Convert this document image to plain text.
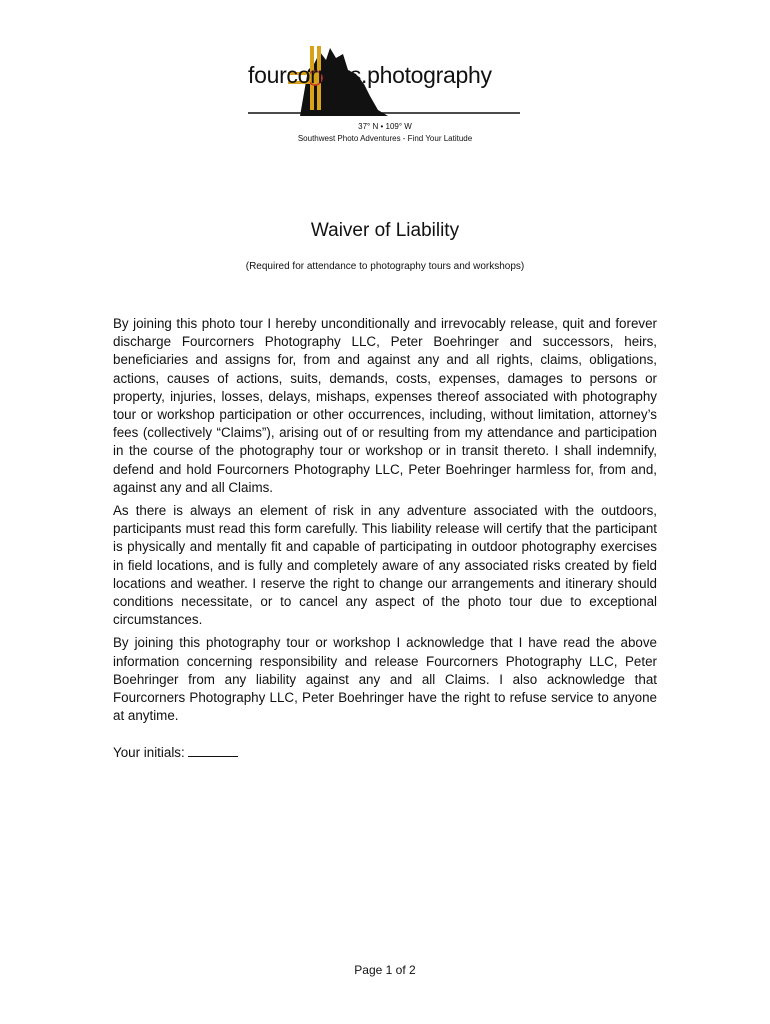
fourcorners.photography
37° N • 109° W
Southwest Photo Adventures - Find Your Latitude
Waiver of Liability
(Required for attendance to photography tours and workshops)

By joining this photo tour I hereby unconditionally and irrevocably release, quit and forever discharge Fourcorners Photography LLC, Peter Boehringer and successors, heirs, beneficiaries and assigns for, from and against any and all rights, claims, obligations, actions, causes of actions, suits, demands, costs, expenses, damages to persons or property, injuries, losses, delays, mishaps, expenses thereof associated with photography tour or workshop participation or other occurrences, including, without limitation, attorney’s fees (collectively “Claims”), arising out of or resulting from my attendance and participation in the course of the photography tour or workshop or in transit thereto. I shall indemnify, defend and hold Fourcorners Photography LLC, Peter Boehringer harmless for, from and, against any and all Claims.

As there is always an element of risk in any adventure associated with the outdoors, participants must read this form carefully. This liability release will certify that the participant is physically and mentally fit and capable of participating in outdoor photography exercises in field locations, and is fully and completely aware of any associated risks created by field locations and weather. I reserve the right to change our arrangements and itinerary should conditions necessitate, or to cancel any aspect of the photo tour due to exceptional circumstances.

By joining this photography tour or workshop I acknowledge that I have read the above information concerning responsibility and release Fourcorners Photography LLC, Peter Boehringer from any liability against any and all Claims. I also acknowledge that Fourcorners Photography LLC, Peter Boehringer have the right to refuse service to anyone at anytime.

Your initials:
Page 1 of 2
